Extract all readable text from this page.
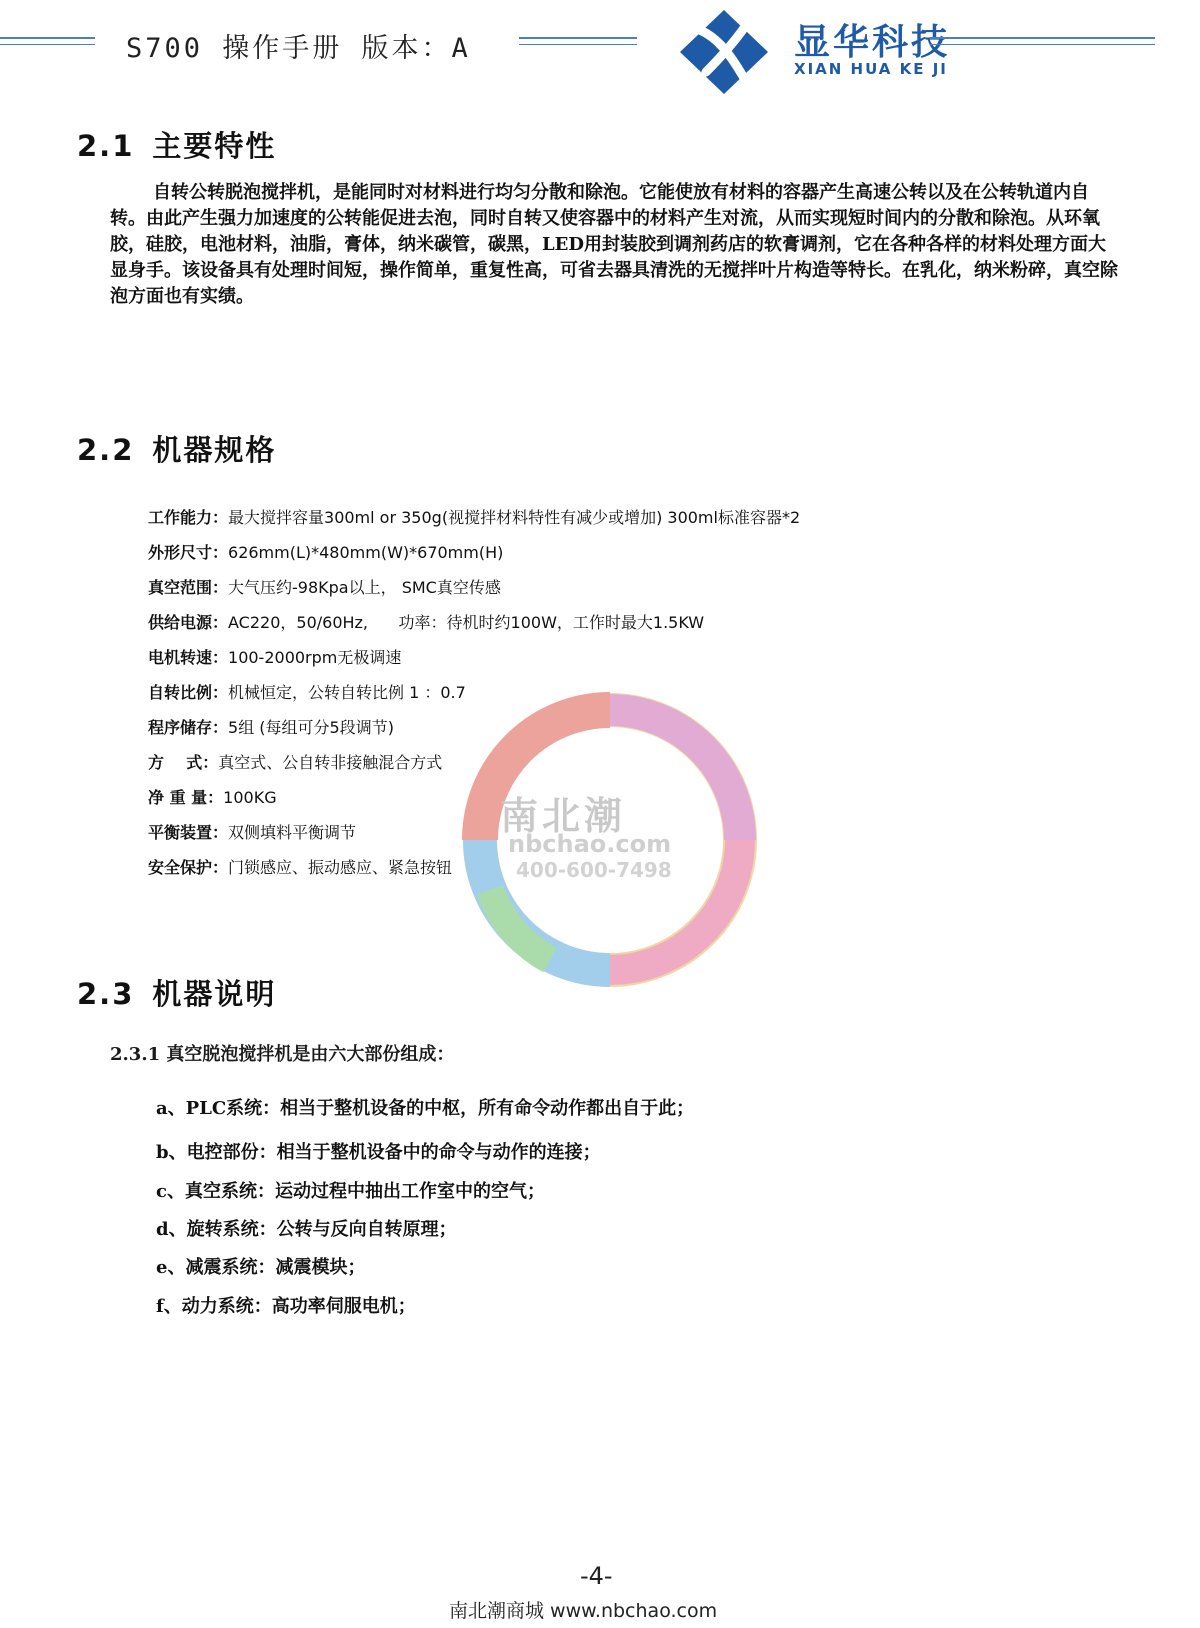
S700 操作手册 版本：A	显华科技
XIAN HUA KE JI
南北潮
nbchao.com
400-600-7498
2.1 主要特性

自转公转脱泡搅拌机，是能同时对材料进行均匀分散和除泡。它能使放有材料的容器产生高速公转以及在公转轨道内自转。由此产生强力加速度的公转能促进去泡，同时自转又使容器中的材料产生对流，从而实现短时间内的分散和除泡。从环氧胶，硅胶，电池材料，油脂，膏体，纳米碳管，碳黑，LED用封装胶到调剂药店的软膏调剂，它在各种各样的材料处理方面大显身手。该设备具有处理时间短，操作简单，重复性高，可省去器具清洗的无搅拌叶片构造等特长。在乳化，纳米粉碎，真空除泡方面也有实绩。

2.2 机器规格
工作能力：最大搅拌容量300ml or 350g(视搅拌材料特性有减少或增加) 300ml标准容器*2
外形尺寸：626mm(L)*480mm(W)*670mm(H)
真空范围：大气压约-98Kpa以上， SMC真空传感
供给电源：AC220，50/60Hz,      功率：待机时约100W，工作时最大1.5KW
电机转速：100-2000rpm无极调速
自转比例：机械恒定，公转自转比例 1 ：0.7
程序储存：5组 (每组可分5段调节)
方    式：真空式、公自转非接触混合方式
净 重 量：100KG
平衡装置：双侧填料平衡调节
安全保护：门锁感应、振动感应、紧急按钮
2.3 机器说明
2.3.1 真空脱泡搅拌机是由六大部份组成：
a、PLC系统：相当于整机设备的中枢，所有命令动作都出自于此；
b、电控部份：相当于整机设备中的命令与动作的连接；
c、真空系统：运动过程中抽出工作室中的空气；
d、旋转系统：公转与反向自转原理；
e、减震系统：减震模块；
f、动力系统：高功率伺服电机；
-4-
南北潮商城 www.nbchao.com
